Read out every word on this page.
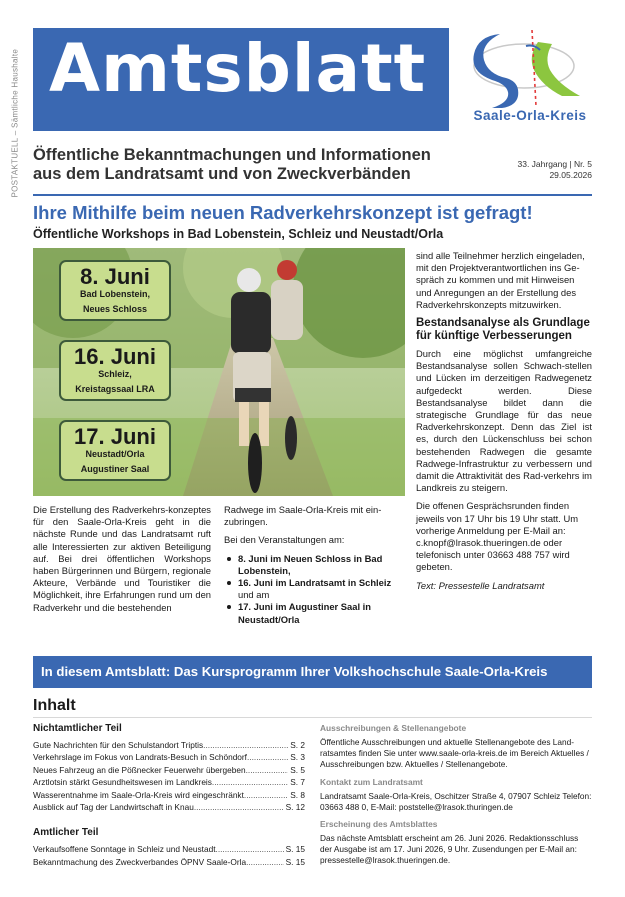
POSTAKTUELL – Sämtliche Haushalte Amtsblatt
Saale-Orla-Kreis
Öffentliche Bekanntmachungen und Informationen
aus dem Landratsamt und von Zweckverbänden
33. Jahrgang | Nr. 5
29.05.2026
Ihre Mithilfe beim neuen Radverkehrskonzept ist gefragt!
Öffentliche Workshops in Bad Lobenstein, Schleiz und Neustadt/Orla
8. Juni
Bad Lobenstein,
Neues Schloss
16. Juni
Schleiz,
Kreistagssaal LRA
17. Juni
Neustadt/Orla
Augustiner Saal

Die Erstellung des Radverkehrs-konzeptes für den Saale-Orla-Kreis geht in die nächste Runde und das Landratsamt ruft alle Interessierten zur aktiven Beteiligung auf. Bei drei öffentlichen Workshops haben Bürgerinnen und Bürgern, regionale Akteure, Verbände und Touristiker die Möglichkeit, ihre Erfahrungen rund um den Radverkehr und die bestehenden

Radwege im Saale-Orla-Kreis mit ein-zubringen.

Bei den Veranstaltungen am:

8. Juni im Neuen Schloss in Bad Lobenstein,
16. Juni im Landratsamt in Schleiz und am
17. Juni im Augustiner Saal in Neustadt/Orla

sind alle Teilnehmer herzlich eingeladen, mit den Projektverantwortlichen ins Ge-spräch zu kommen und mit Hinweisen und Anregungen an der Erstellung des Radverkehrskonzepts mitzuwirken.

Bestandsanalyse als Grundlage für künftige Verbesserungen

Durch eine möglichst umfangreiche Bestandsanalyse sollen Schwach-stellen und Lücken im derzeitigen Radwegenetz aufgedeckt werden. Diese Bestandsanalyse bildet dann die strategische Grundlage für das neue Radverkehrskonzept. Denn das Ziel ist es, durch den Lückenschluss bei schon bestehenden Radwegen die gesamte Radwege-Infrastruktur zu verbessern und damit die Attraktivität des Rad-verkehrs im Landkreis zu steigern.

Die offenen Gesprächsrunden finden jeweils von 17 Uhr bis 19 Uhr statt. Um vorherige Anmeldung per E-Mail an: c.knopf@lrasok.thueringen.de oder telefonisch unter 03663 488 757 wird gebeten.

Text: Pressestelle Landratsamt

In diesem Amtsblatt: Das Kursprogramm Ihrer Volkshochschule Saale-Orla-Kreis
Inhalt
Nichtamtlicher Teil
Gute Nachrichten für den Schulstandort Triptis .....	S. 2
Verkehrslage im Fokus von Landrats-Besuch in Schöndorf .....	S. 3
Neues Fahrzeug an die Pößnecker Feuerwehr übergeben .....	S. 5
Arztlotsin stärkt Gesundheitswesen im Landkreis .....	S. 7
Wasserentnahme im Saale-Orla-Kreis wird eingeschränkt .....	S. 8
Ausblick auf Tag der Landwirtschaft in Knau .....	S. 12
Amtlicher Teil
Verkaufsoffene Sonntage in Schleiz und Neustadt .....	S. 15
Bekanntmachung des Zweckverbandes ÖPNV Saale-Orla .....	S. 15
Ausschreibungen & Stellenangebote
Öffentliche Ausschreibungen und aktuelle Stellenangebote des Land-ratsamtes finden Sie unter www.saale-orla-kreis.de im Bereich Aktuelles / Ausschreibungen bzw. Aktuelles / Stellenangebote.
Kontakt zum Landratsamt
Landratsamt Saale-Orla-Kreis, Oschitzer Straße 4, 07907 Schleiz Telefon: 03663 488 0, E-Mail: poststelle@lrasok.thuringen.de
Erscheinung des Amtsblattes
Das nächste Amtsblatt erscheint am 26. Juni 2026. Redaktionsschluss der Ausgabe ist am 17. Juni 2026, 9 Uhr. Zusendungen per E-Mail an: pressestelle@lrasok.thueringen.de.
